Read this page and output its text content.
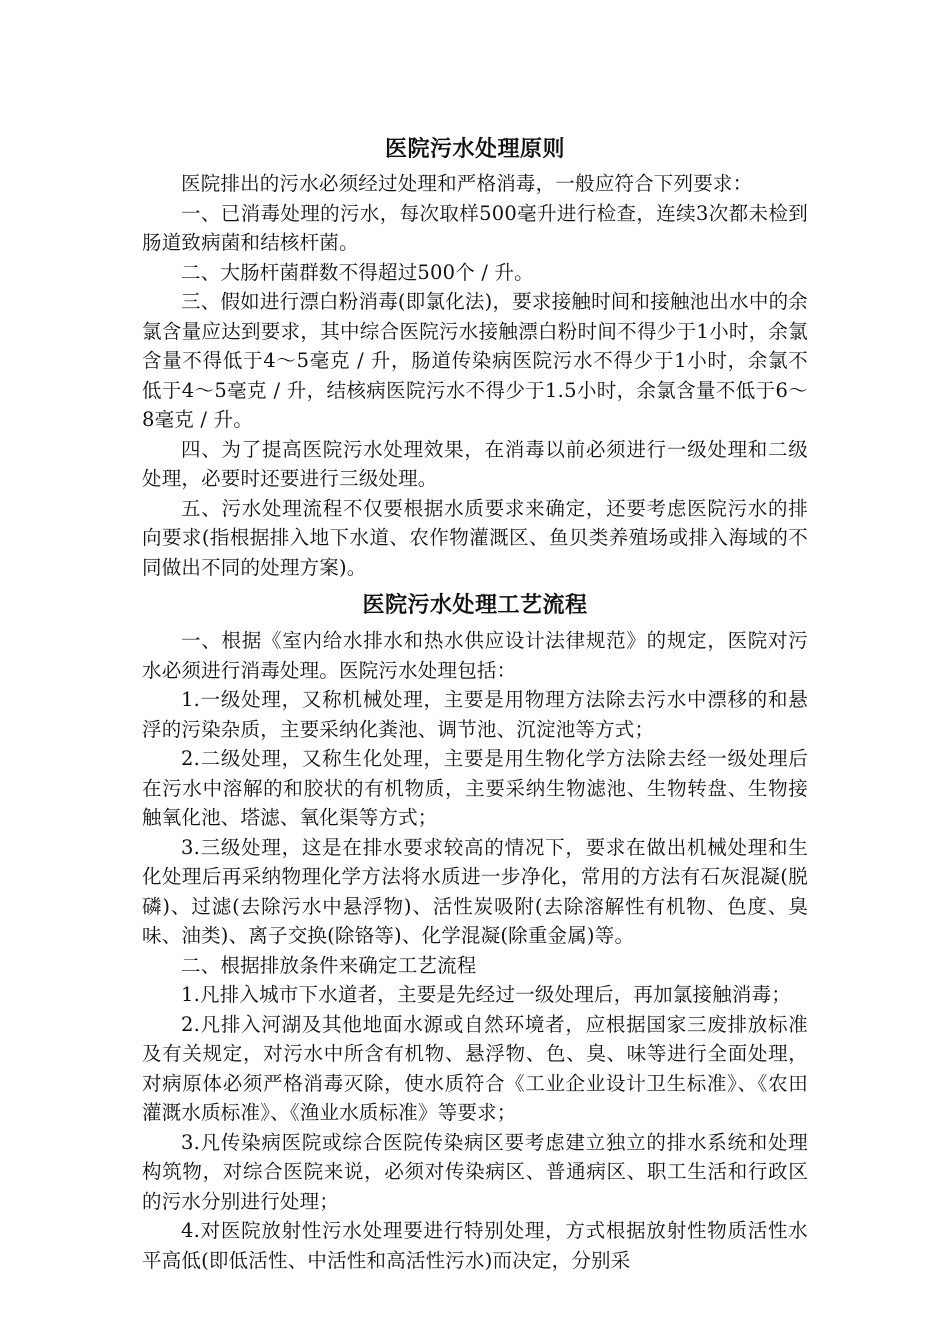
医院污水处理原则

医院排出的污水必须经过处理和严格消毒，一般应符合下列要求：

一、已消毒处理的污水，每次取样500毫升进行检查，连续3次都未检到肠道致病菌和结核杆菌。

二、大肠杆菌群数不得超过500个 / 升。

三、假如进行漂白粉消毒(即氯化法)，要求接触时间和接触池出水中的余氯含量应达到要求，其中综合医院污水接触漂白粉时间不得少于1小时，余氯含量不得低于4～5毫克 / 升，肠道传染病医院污水不得少于1小时，余氯不低于4～5毫克 / 升，结核病医院污水不得少于1.5小时，余氯含量不低于6～8毫克 / 升。

四、为了提高医院污水处理效果，在消毒以前必须进行一级处理和二级处理，必要时还要进行三级处理。

五、污水处理流程不仅要根据水质要求来确定，还要考虑医院污水的排向要求(指根据排入地下水道、农作物灌溉区、鱼贝类养殖场或排入海域的不同做出不同的处理方案)。

医院污水处理工艺流程

一、根据《室内给水排水和热水供应设计法律规范》的规定，医院对污水必须进行消毒处理。医院污水处理包括：

1.一级处理，又称机械处理，主要是用物理方法除去污水中漂移的和悬浮的污染杂质，主要采纳化粪池、调节池、沉淀池等方式；

2.二级处理，又称生化处理，主要是用生物化学方法除去经一级处理后在污水中溶解的和胶状的有机物质，主要采纳生物滤池、生物转盘、生物接触氧化池、塔滤、氧化渠等方式；

3.三级处理，这是在排水要求较高的情况下，要求在做出机械处理和生化处理后再采纳物理化学方法将水质进一步净化，常用的方法有石灰混凝(脱磷)、过滤(去除污水中悬浮物)、活性炭吸附(去除溶解性有机物、色度、臭味、油类)、离子交换(除铬等)、化学混凝(除重金属)等。

二、根据排放条件来确定工艺流程

1.凡排入城市下水道者，主要是先经过一级处理后，再加氯接触消毒；

2.凡排入河湖及其他地面水源或自然环境者，应根据国家三废排放标准及有关规定，对污水中所含有机物、悬浮物、色、臭、味等进行全面处理，对病原体必须严格消毒灭除，使水质符合《工业企业设计卫生标准》、《农田灌溉水质标准》、《渔业水质标准》等要求；

3.凡传染病医院或综合医院传染病区要考虑建立独立的排水系统和处理构筑物，对综合医院来说，必须对传染病区、普通病区、职工生活和行政区的污水分别进行处理；

4.对医院放射性污水处理要进行特别处理，方式根据放射性物质活性水平高低(即低活性、中活性和高活性污水)而决定，分别采
